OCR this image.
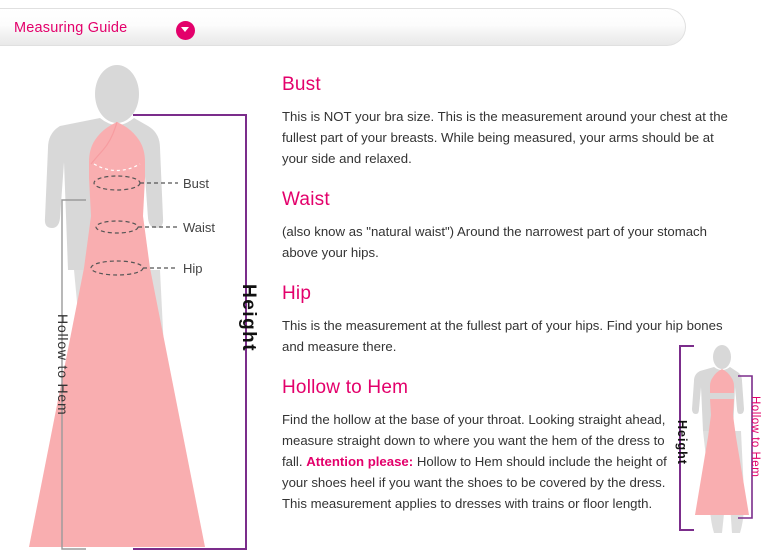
Measuring Guide
Height
Hollow to Hem
Bust
Waist
Hip
Bust

This is NOT your bra size. This is the measurement around your chest at the fullest part of your breasts. While being measured, your arms should be at your side and relaxed.

Waist

(also know as "natural waist") Around the narrowest part of your stomach above your hips.

Hip

This is the measurement at the fullest part of your hips. Find your hip bones and measure there.

Hollow to Hem

Find the hollow at the base of your throat. Looking straight ahead, measure straight down to where you want the hem of the dress to fall. Attention please: Hollow to Hem should include the height of your shoes heel if you want the shoes to be covered by the dress. This measurement applies to dresses with trains or floor length.

Height	Hollow to Hem
